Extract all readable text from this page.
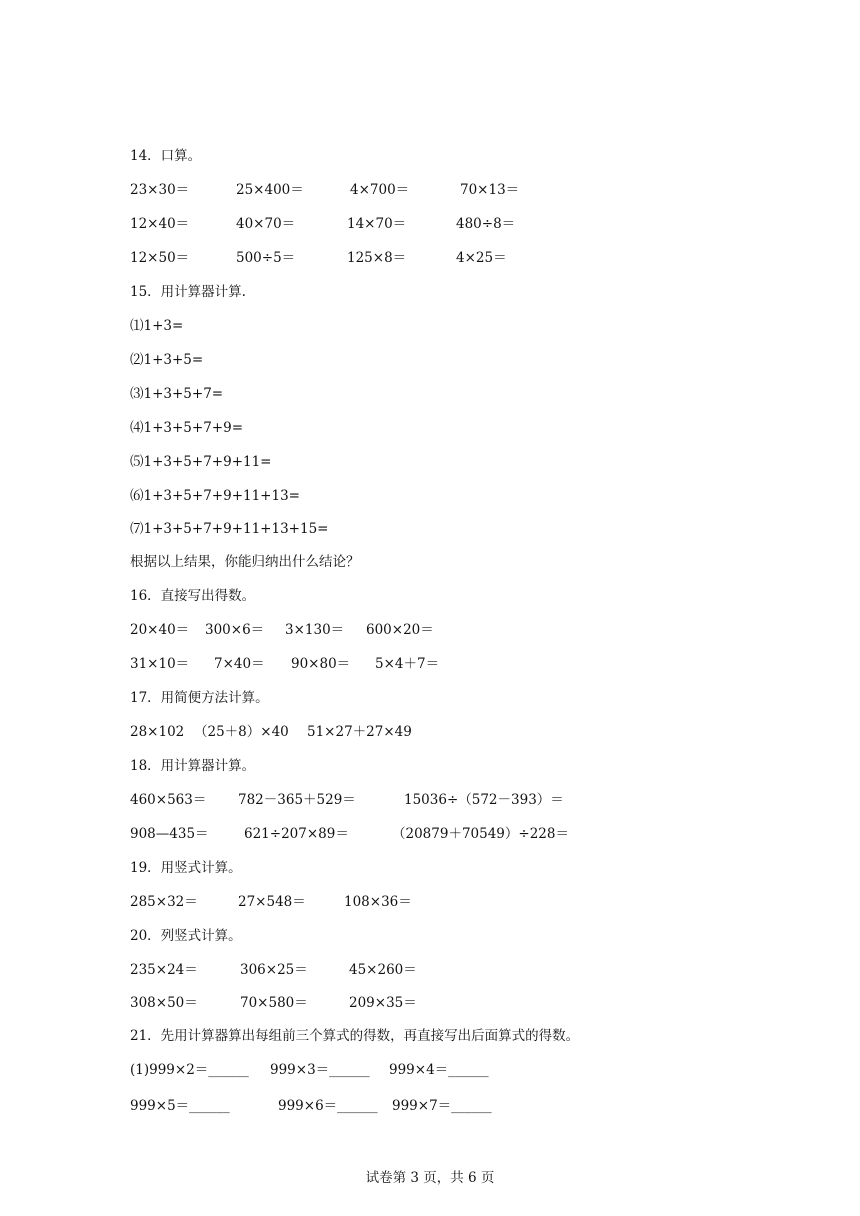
14．口算。
23×30＝	25×400＝	4×700＝	70×13＝
12×40＝	40×70＝	14×70＝	480÷8＝
12×50＝	500÷5＝	125×8＝	4×25＝
15．用计算器计算.
⑴1+3=
⑵1+3+5=
⑶1+3+5+7=
⑷1+3+5+7+9=
⑸1+3+5+7+9+11=
⑹1+3+5+7+9+11+13=
⑺1+3+5+7+9+11+13+15=
根据以上结果，你能归纳出什么结论？
16．直接写出得数。
20×40＝ 300×6＝ 3×130＝ 600×20＝
31×10＝ 7×40＝ 90×80＝ 5×4＋7＝
17．用简便方法计算。
28×102 （25＋8）×40 51×27＋27×49
18．用计算器计算。
460×563＝ 782－365＋529＝	15036÷（572－393）＝
908—435＝	621÷207×89＝	（20879＋70549）÷228＝
19．用竖式计算。
285×32＝	27×548＝	108×36＝
20．列竖式计算。
235×24＝	306×25＝	45×260＝
308×50＝	70×580＝	209×35＝
21．先用计算器算出每组前三个算式的得数，再直接写出后面算式的得数。
(1)999×2＝______ 999×3＝______ 999×4＝______
999×5＝______	999×6＝______ 999×7＝______
试卷第 3 页，共 6 页
